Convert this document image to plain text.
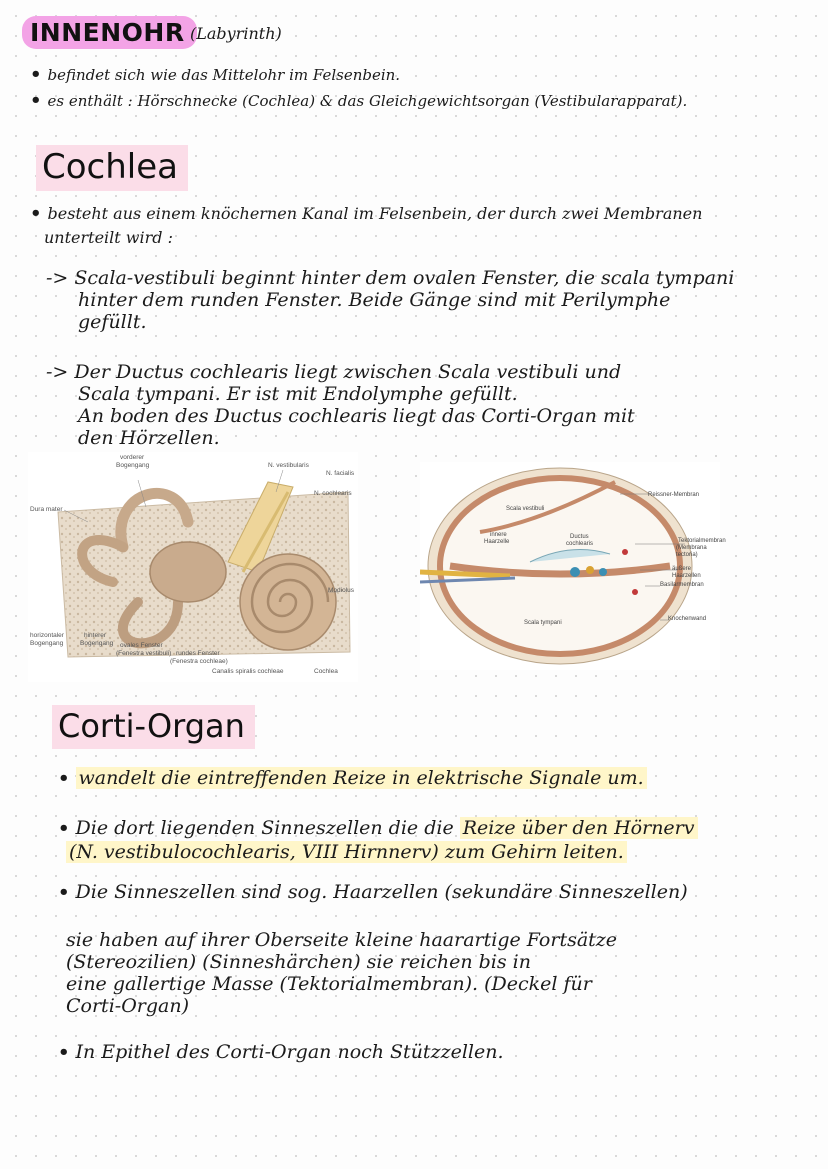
INNENOHR (Labyrinth)
• befindet sich wie das Mittelohr im Felsenbein.
• es enthält : Hörschnecke (Cochlea) & das Gleichgewichtsorgan (Vestibularapparat).
Cochlea
• besteht aus einem knöchernen Kanal im Felsenbein, der durch zwei Membranen
unterteilt wird :
-> Scala-vestibuli beginnt hinter dem ovalen Fenster, die scala tympani
hinter dem runden Fenster. Beide Gänge sind mit Perilymphe
gefüllt.
-> Der Ductus cochlearis liegt zwischen Scala vestibuli und
Scala tympani. Er ist mit Endolymphe gefüllt.
An boden des Ductus cochlearis liegt das Corti-Organ mit
den Hörzellen.
vorderer
Bogengang	N. vestibularis
N. facialis
N. cochlearis
Dura mater
Modiolus
horizontaler
Bogengang
hinterer
Bogengang ovales Fenster
(Fenestra vestibuli) rundes Fenster
(Fenestra cochleae)
Canalis spiralis cochleae	Cochlea
Scala vestibuli
Reissner-Membran
innere
Haarzelle
Ductus
cochlearis	Tektorialmembran
(Membrana tectoria)
äußere Haarzellen
Basilarmembran
Knochenwand
Scala tympani
Corti-Organ
• wandelt die eintreffenden Reize in elektrische Signale um.
• Die dort liegenden Sinneszellen die die Reize über den Hörnerv
(N. vestibulocochlearis, VIII Hirnnerv) zum Gehirn leiten.
• Die Sinneszellen sind sog. Haarzellen (sekundäre Sinneszellen)
sie haben auf ihrer Oberseite kleine haarartige Fortsätze
(Stereozilien) (Sinneshärchen) sie reichen bis in
eine gallertige Masse (Tektorialmembran). (Deckel für
Corti-Organ)
• In Epithel des Corti-Organ noch Stützzellen.
